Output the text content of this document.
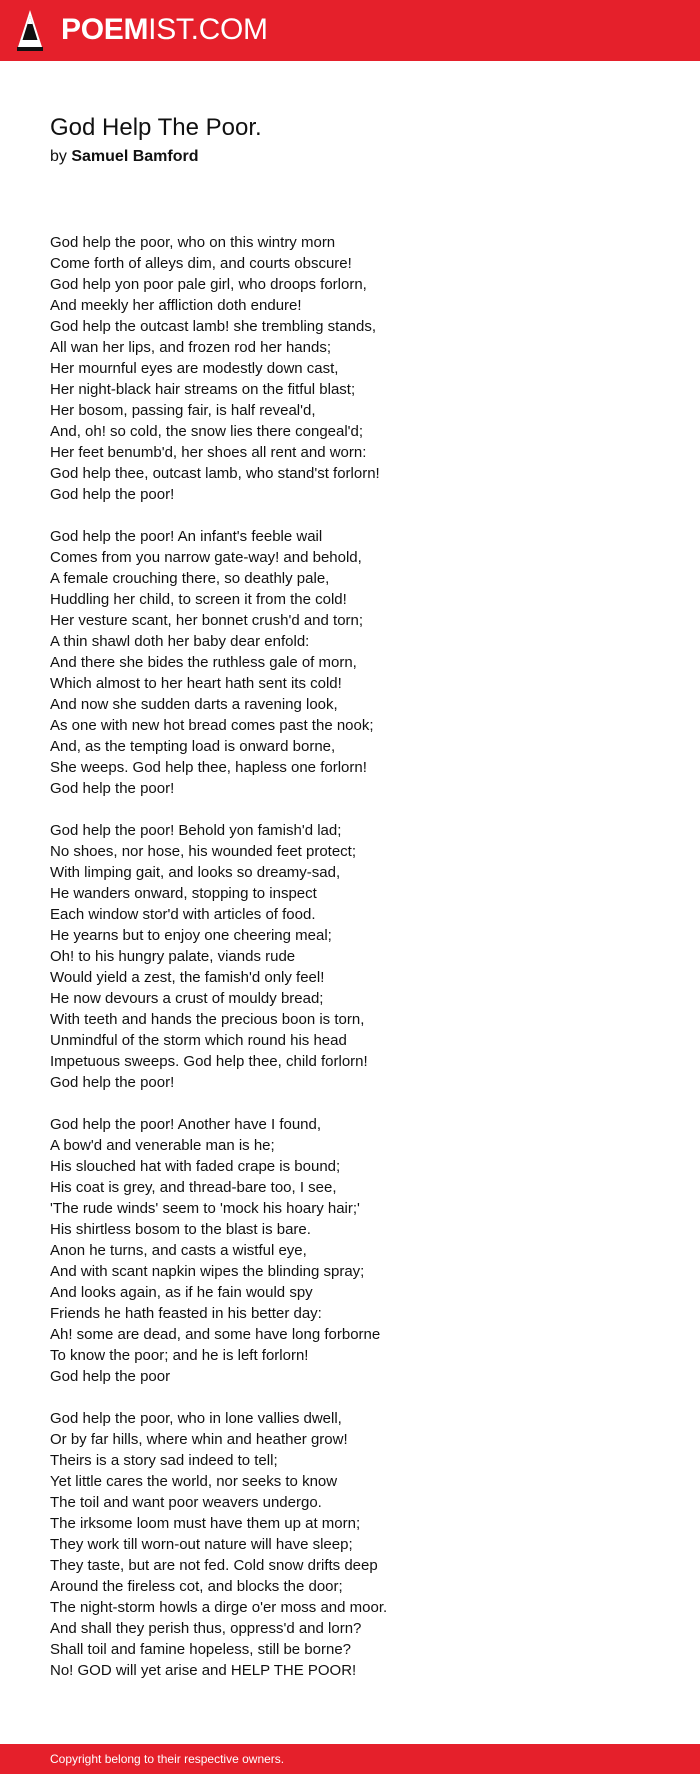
POEMIST.COM
God Help The Poor.
by Samuel Bamford
God help the poor, who on this wintry morn
Come forth of alleys dim, and courts obscure!
God help yon poor pale girl, who droops forlorn,
And meekly her affliction doth endure!
God help the outcast lamb! she trembling stands,
All wan her lips, and frozen rod her hands;
Her mournful eyes are modestly down cast,
Her night-black hair streams on the fitful blast;
Her bosom, passing fair, is half reveal'd,
And, oh! so cold, the snow lies there congeal'd;
Her feet benumb'd, her shoes all rent and worn:
God help thee, outcast lamb, who stand'st forlorn!
God help the poor!
God help the poor! An infant's feeble wail
Comes from you narrow gate-way! and behold,
A female crouching there, so deathly pale,
Huddling her child, to screen it from the cold!
Her vesture scant, her bonnet crush'd and torn;
A thin shawl doth her baby dear enfold:
And there she bides the ruthless gale of morn,
Which almost to her heart hath sent its cold!
And now she sudden darts a ravening look,
As one with new hot bread comes past the nook;
And, as the tempting load is onward borne,
She weeps. God help thee, hapless one forlorn!
God help the poor!
God help the poor! Behold yon famish'd lad;
No shoes, nor hose, his wounded feet protect;
With limping gait, and looks so dreamy-sad,
He wanders onward, stopping to inspect
Each window stor'd with articles of food.
He yearns but to enjoy one cheering meal;
Oh! to his hungry palate, viands rude
Would yield a zest, the famish'd only feel!
He now devours a crust of mouldy bread;
With teeth and hands the precious boon is torn,
Unmindful of the storm which round his head
Impetuous sweeps. God help thee, child forlorn!
God help the poor!
God help the poor! Another have I found,
A bow'd and venerable man is he;
His slouched hat with faded crape is bound;
His coat is grey, and thread-bare too, I see,
'The rude winds' seem to 'mock his hoary hair;'
His shirtless bosom to the blast is bare.
Anon he turns, and casts a wistful eye,
And with scant napkin wipes the blinding spray;
And looks again, as if he fain would spy
Friends he hath feasted in his better day:
Ah! some are dead, and some have long forborne
To know the poor; and he is left forlorn!
God help the poor
God help the poor, who in lone vallies dwell,
Or by far hills, where whin and heather grow!
Theirs is a story sad indeed to tell;
Yet little cares the world, nor seeks to know
The toil and want poor weavers undergo.
The irksome loom must have them up at morn;
They work till worn-out nature will have sleep;
They taste, but are not fed. Cold snow drifts deep
Around the fireless cot, and blocks the door;
The night-storm howls a dirge o'er moss and moor.
And shall they perish thus, oppress'd and lorn?
Shall toil and famine hopeless, still be borne?
No! GOD will yet arise and HELP THE POOR!
Copyright belong to their respective owners.
